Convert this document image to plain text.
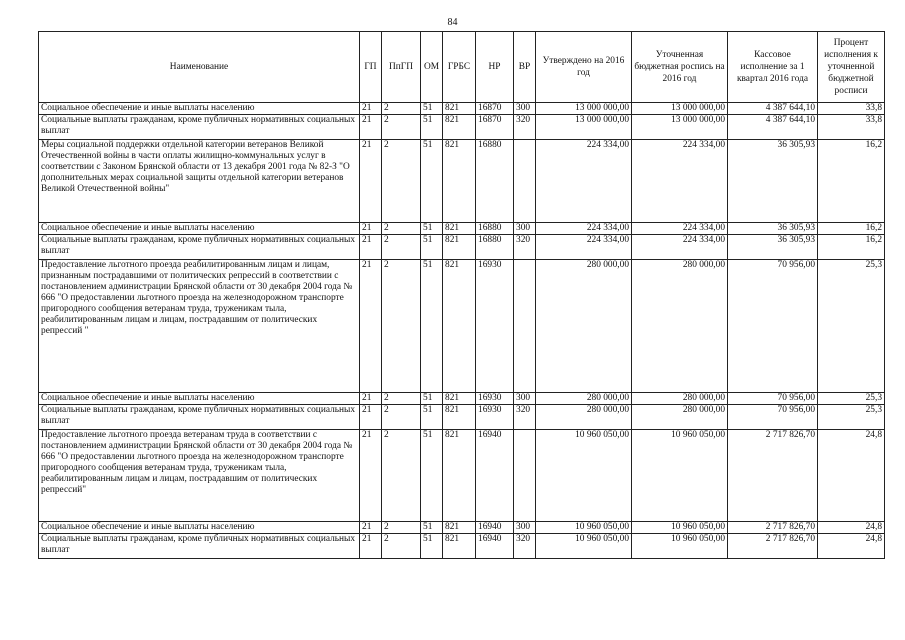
84
Наименование	ГП	ПпГП	ОМ	ГРБС	НР	ВР	Утверждено на 2016 год	Уточненная бюджетная роспись на 2016 год	Кассовое исполнение за 1 квартал 2016 года	Процент исполнения к уточненной бюджетной росписи
Социальное обеспечение и иные выплаты населению	21	2	51	821	16870	300	13 000 000,00	13 000 000,00	4 387 644,10	33,8
Социальные выплаты гражданам, кроме публичных нормативных социальных выплат	21	2	51	821	16870	320	13 000 000,00	13 000 000,00	4 387 644,10	33,8
Меры социальной поддержки отдельной категории ветеранов Великой Отечественной войны в части оплаты жилищно-коммунальных услуг в соответствии с Законом Брянской области от 13 декабря 2001 года № 82-З "О дополнительных мерах социальной защиты отдельной категории ветеранов Великой Отечественной войны"	21	2	51	821	16880		224 334,00	224 334,00	36 305,93	16,2
Социальное обеспечение и иные выплаты населению	21	2	51	821	16880	300	224 334,00	224 334,00	36 305,93	16,2
Социальные выплаты гражданам, кроме публичных нормативных социальных выплат	21	2	51	821	16880	320	224 334,00	224 334,00	36 305,93	16,2
Предоставление льготного проезда реабилитированным лицам и лицам, признанным пострадавшими от политических репрессий в соответствии с постановлением администрации Брянской области от 30 декабря 2004 года № 666 "О предоставлении льготного проезда на железнодорожном транспорте пригородного сообщения ветеранам труда, труженикам тыла, реабилитированным лицам и лицам, пострадавшим от политических репрессий "	21	2	51	821	16930		280 000,00	280 000,00	70 956,00	25,3
Социальное обеспечение и иные выплаты населению	21	2	51	821	16930	300	280 000,00	280 000,00	70 956,00	25,3
Социальные выплаты гражданам, кроме публичных нормативных социальных выплат	21	2	51	821	16930	320	280 000,00	280 000,00	70 956,00	25,3
Предоставление льготного проезда ветеранам труда в соответствии с постановлением администрации Брянской области от 30 декабря 2004 года № 666 "О предоставлении льготного проезда на железнодорожном транспорте пригородного сообщения ветеранам труда, труженикам тыла, реабилитированным лицам и лицам, пострадавшим от политических репрессий"	21	2	51	821	16940		10 960 050,00	10 960 050,00	2 717 826,70	24,8
Социальное обеспечение и иные выплаты населению	21	2	51	821	16940	300	10 960 050,00	10 960 050,00	2 717 826,70	24,8
Социальные выплаты гражданам, кроме публичных нормативных социальных выплат	21	2	51	821	16940	320	10 960 050,00	10 960 050,00	2 717 826,70	24,8
